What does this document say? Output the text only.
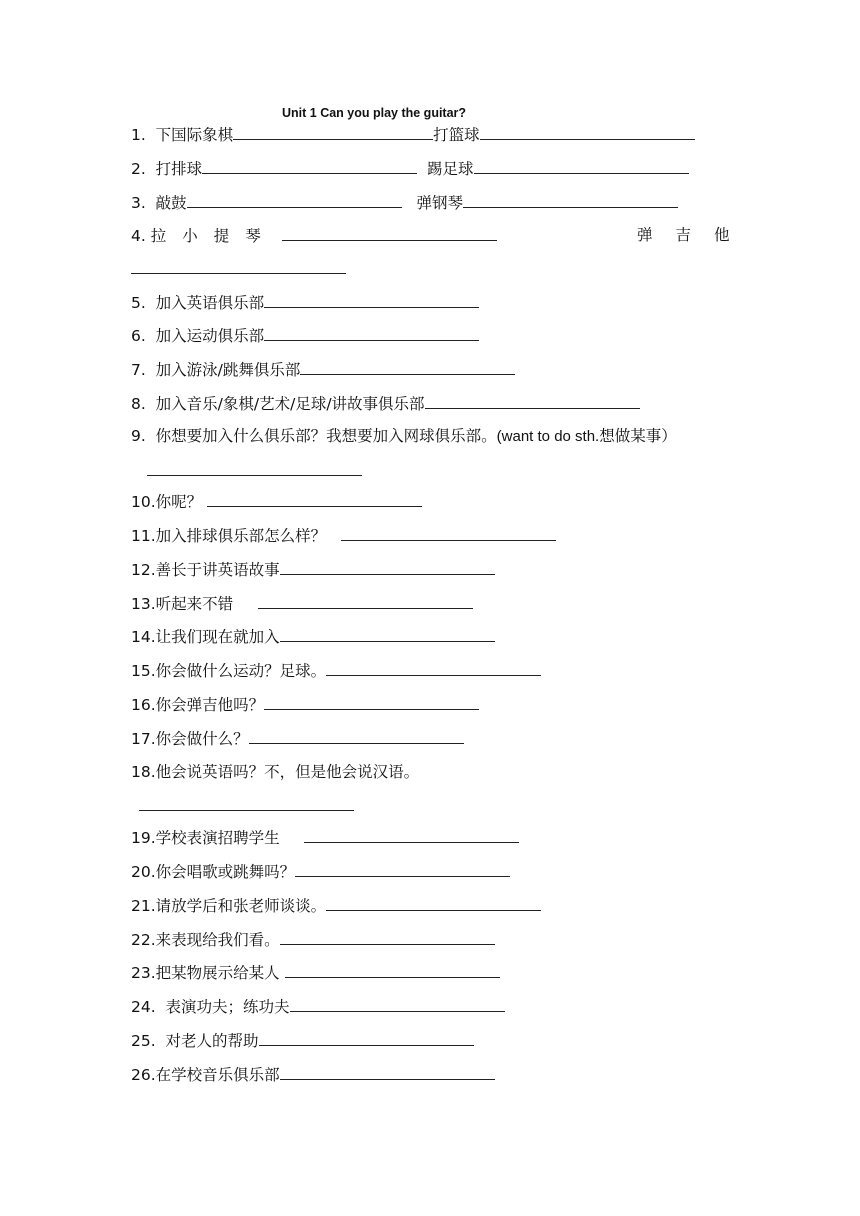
Unit 1 Can you play the guitar?
1. 下国际象棋	打篮球
2. 打排球	踢足球
3. 敲鼓	弹钢琴
4. 拉小提琴	弹吉他
5. 加入英语俱乐部
6. 加入运动俱乐部
7. 加入游泳/跳舞俱乐部
8. 加入音乐/象棋/艺术/足球/讲故事俱乐部
9. 你想要加入什么俱乐部？我想要加入网球俱乐部。(want to do sth.想做某事）
10.你呢？
11.加入排球俱乐部怎么样？
12.善长于讲英语故事
13.听起来不错
14.让我们现在就加入
15.你会做什么运动？足球。
16.你会弹吉他吗？
17.你会做什么？
18.他会说英语吗？不，但是他会说汉语。
19.学校表演招聘学生
20.你会唱歌或跳舞吗？
21.请放学后和张老师谈谈。
22.来表现给我们看。
23.把某物展示给某人
24. 表演功夫；练功夫
25. 对老人的帮助
26.在学校音乐俱乐部
